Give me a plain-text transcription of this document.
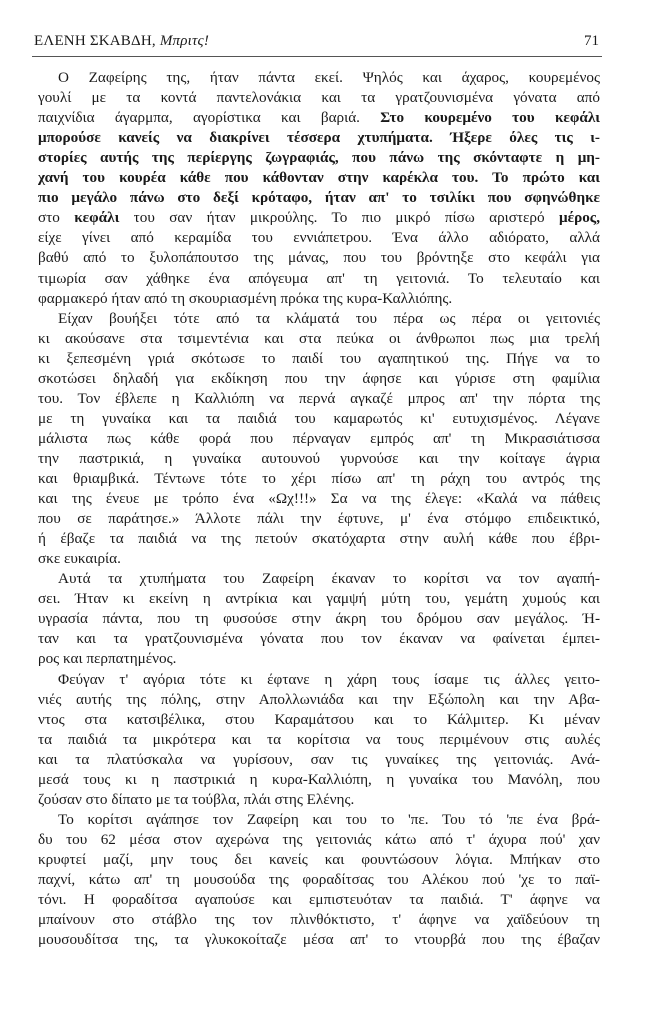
ΕΛΕΝΗ ΣΚΑΒΔΗ, Μπριτς!	71
Ο Ζαφείρης της, ήταν πάντα εκεί. Ψηλός και άχαρος, κουρεμένος
γουλί με τα κοντά παντελονάκια και τα γρατζουνισμένα γόνατα από
παιχνίδια άγαρμπα, αγορίστικα και βαριά. Στο κουρεμένο του κεφάλι
μπορούσε κανείς να διακρίνει τέσσερα χτυπήματα. Ήξερε όλες τις ι-
στορίες αυτής της περίεργης ζωγραφιάς, που πάνω της σκόνταφτε η μη-
χανή του κουρέα κάθε που κάθονταν στην καρέκλα του. Το πρώτο και
πιο μεγάλο πάνω στο δεξί κρόταφο, ήταν απ' το τσιλίκι που σφηνώθηκε
στο κεφάλι του σαν ήταν μικρούλης. Το πιο μικρό πίσω αριστερό μέρος,
είχε γίνει από κεραμίδα του εννιάπετρου. Ένα άλλο αδιόρατο, αλλά
βαθύ από το ξυλοπάπουτσο της μάνας, που του βρόντηξε στο κεφάλι για
τιμωρία σαν χάθηκε ένα απόγευμα απ' τη γειτονιά. Το τελευταίο και
φαρμακερό ήταν από τη σκουριασμένη πρόκα της κυρα-Καλλιόπης.
Είχαν βουήξει τότε από τα κλάματά του πέρα ως πέρα οι γειτονιές
κι ακούσανε στα τσιμεντένια και στα πεύκα οι άνθρωποι πως μια τρελή
κι ξεπεσμένη γριά σκότωσε το παιδί του αγαπητικού της. Πήγε να το
σκοτώσει δηλαδή για εκδίκηση που την άφησε και γύρισε στη φαμίλια
του. Τον έβλεπε η Καλλιόπη να περνά αγκαζέ μπρος απ' την πόρτα της
με τη γυναίκα και τα παιδιά του καμαρωτός κι' ευτυχισμένος. Λέγανε
μάλιστα πως κάθε φορά που πέρναγαν εμπρός απ' τη Μικρασιάτισσα
την παστρικιά, η γυναίκα αυτουνού γυρνούσε και την κοίταγε άγρια
και θριαμβικά. Τέντωνε τότε το χέρι πίσω απ' τη ράχη του αντρός της
και της ένευε με τρόπο ένα «Ωχ!!!» Σα να της έλεγε: «Καλά να πάθεις
που σε παράτησε.» Άλλοτε πάλι την έφτυνε, μ' ένα στόμφο επιδεικτικό,
ή έβαζε τα παιδιά να της πετούν σκατόχαρτα στην αυλή κάθε που έβρι-
σκε ευκαιρία.
Αυτά τα χτυπήματα του Ζαφείρη έκαναν το κορίτσι να τον αγαπή-
σει. Ήταν κι εκείνη η αντρίκια και γαμψή μύτη του, γεμάτη χυμούς και
υγρασία πάντα, που τη φυσούσε στην άκρη του δρόμου σαν μεγάλος. Ή-
ταν και τα γρατζουνισμένα γόνατα που τον έκαναν να φαίνεται έμπει-
ρος και περπατημένος.
Φεύγαν τ' αγόρια τότε κι έφτανε η χάρη τους ίσαμε τις άλλες γειτο-
νιές αυτής της πόλης, στην Απολλωνιάδα και την Εξώπολη και την Αβα-
ντος στα κατσιβέλικα, στου Καραμάτσου και το Κάλμιτερ. Κι μέναν
τα παιδιά τα μικρότερα και τα κορίτσια να τους περιμένουν στις αυλές
και τα πλατύσκαλα να γυρίσουν, σαν τις γυναίκες της γειτονιάς. Ανά-
μεσά τους κι η παστρικιά η κυρα-Καλλιόπη, η γυναίκα του Μανόλη, που
ζούσαν στο δίπατο με τα τούβλα, πλάι στης Ελένης.
Το κορίτσι αγάπησε τον Ζαφείρη και του το 'πε. Του τό 'πε ένα βρά-
δυ του 62 μέσα στον αχερώνα της γειτονιάς κάτω από τ' άχυρα πού' χαν
κρυφτεί μαζί, μην τους δει κανείς και φουντώσουν λόγια. Μπήκαν στο
παχνί, κάτω απ' τη μουσούδα της φοραδίτσας του Αλέκου πού 'χε το παϊ-
τόνι. Η φοραδίτσα αγαπούσε και εμπιστευόταν τα παιδιά. Τ' άφηνε να
μπαίνουν στο στάβλο της τον πλινθόκτιστο, τ' άφηνε να χαϊδεύουν τη
μουσουδίτσα της, τα γλυκοκοίταζε μέσα απ' το ντουρβά που της έβαζαν
